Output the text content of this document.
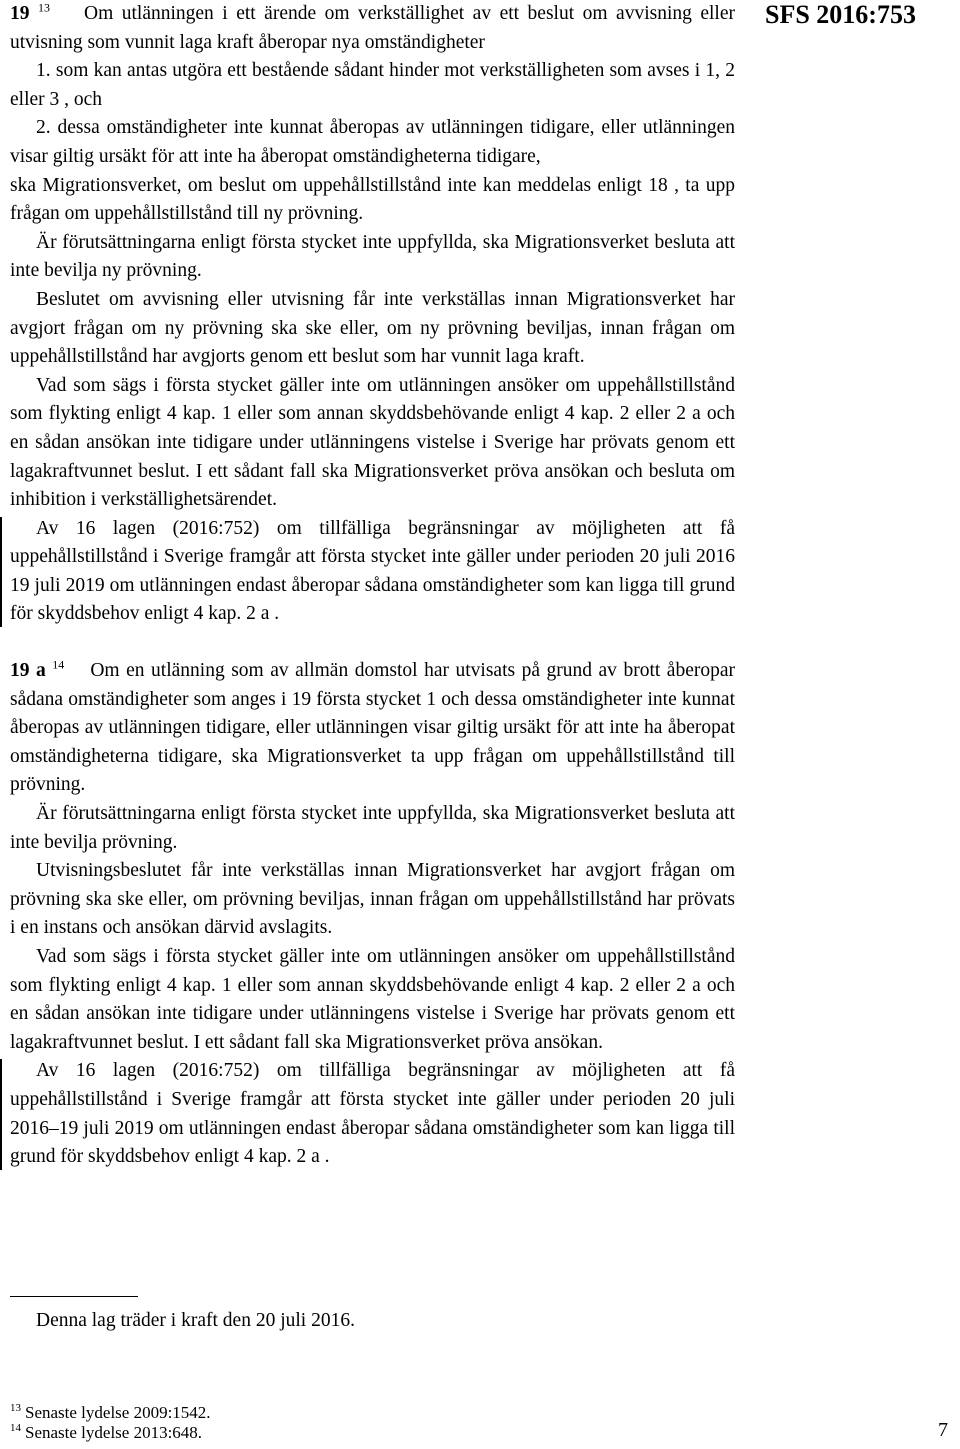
SFS 2016:753

19 $^{13}$ Om utlänningen i ett ärende om verkställighet av ett beslut om avvisning eller utvisning som vunnit laga kraft åberopar nya omständigheter

1. som kan antas utgöra ett bestående sådant hinder mot verkställigheten som avses i 1, 2 eller 3 , och

2. dessa omständigheter inte kunnat åberopas av utlänningen tidigare, eller utlänningen visar giltig ursäkt för att inte ha åberopat omständigheterna tidigare,

ska Migrationsverket, om beslut om uppehållstillstånd inte kan meddelas enligt 18 , ta upp frågan om uppehållstillstånd till ny prövning.

Är förutsättningarna enligt första stycket inte uppfyllda, ska Migrationsverket besluta att inte bevilja ny prövning.

Beslutet om avvisning eller utvisning får inte verkställas innan Migrationsverket har avgjort frågan om ny prövning ska ske eller, om ny prövning beviljas, innan frågan om uppehållstillstånd har avgjorts genom ett beslut som har vunnit laga kraft.

Vad som sägs i första stycket gäller inte om utlänningen ansöker om uppehållstillstånd som flykting enligt 4 kap. 1 eller som annan skyddsbehövande enligt 4 kap. 2 eller 2 a och en sådan ansökan inte tidigare under utlänningens vistelse i Sverige har prövats genom ett lagakraftvunnet beslut. I ett sådant fall ska Migrationsverket pröva ansökan och besluta om inhibition i verkställighetsärendet.

Av 16 lagen (2016:752) om tillfälliga begränsningar av möjligheten att få uppehållstillstånd i Sverige framgår att första stycket inte gäller under perioden 20 juli 2016 19 juli 2019 om utlänningen endast åberopar sådana omständigheter som kan ligga till grund för skyddsbehov enligt 4 kap. 2 a .

19 a $^{14}$ Om en utlänning som av allmän domstol har utvisats på grund av brott åberopar sådana omständigheter som anges i 19 första stycket 1 och dessa omständigheter inte kunnat åberopas av utlänningen tidigare, eller utlänningen visar giltig ursäkt för att inte ha åberopat omständigheterna tidigare, ska Migrationsverket ta upp frågan om uppehållstillstånd till prövning.

Är förutsättningarna enligt första stycket inte uppfyllda, ska Migrationsverket besluta att inte bevilja prövning.

Utvisningsbeslutet får inte verkställas innan Migrationsverket har avgjort frågan om prövning ska ske eller, om prövning beviljas, innan frågan om uppehållstillstånd har prövats i en instans och ansökan därvid avslagits.

Vad som sägs i första stycket gäller inte om utlänningen ansöker om uppehållstillstånd som flykting enligt 4 kap. 1 eller som annan skyddsbehövande enligt 4 kap. 2 eller 2 a och en sådan ansökan inte tidigare under utlänningens vistelse i Sverige har prövats genom ett lagakraftvunnet beslut. I ett sådant fall ska Migrationsverket pröva ansökan.

Av 16 lagen (2016:752) om tillfälliga begränsningar av möjligheten att få uppehållstillstånd i Sverige framgår att första stycket inte gäller under perioden 20 juli 2016–19 juli 2019 om utlänningen endast åberopar sådana omständigheter som kan ligga till grund för skyddsbehov enligt 4 kap. 2 a .

Denna lag träder i kraft den 20 juli 2016.
$^{13}$ Senaste lydelse 2009:1542.
$^{14}$ Senaste lydelse 2013:648.	7
